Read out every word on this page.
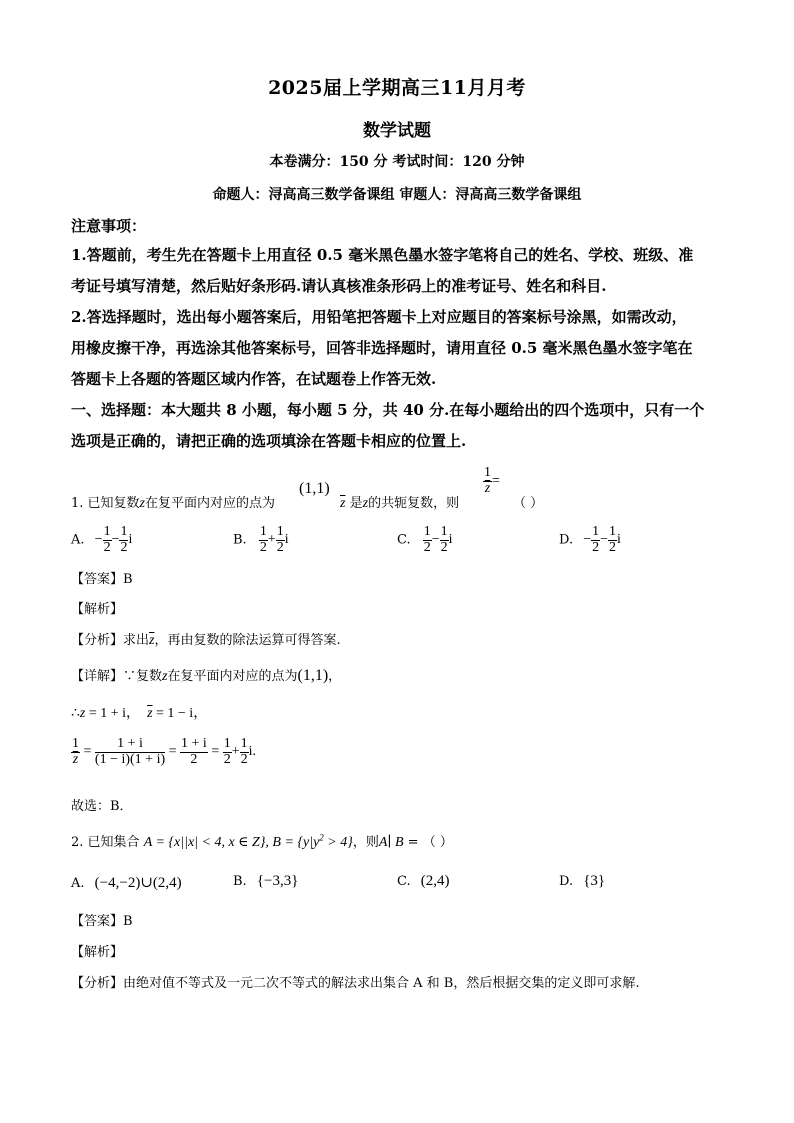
2025届上学期高三11月月考
数学试题
本卷满分：150 分 考试时间：120 分钟
命题人：浔高高三数学备课组 审题人：浔高高三数学备课组
注意事项：
1.答题前，考生先在答题卡上用直径 0.5 毫米黑色墨水签字笔将自己的姓名、学校、班级、准
考证号填写清楚，然后贴好条形码.请认真核准条形码上的准考证号、姓名和科目.
2.答选择题时，选出每小题答案后，用铅笔把答题卡上对应题目的答案标号涂黑，如需改动，
用橡皮擦干净，再选涂其他答案标号，回答非选择题时，请用直径 0.5 毫米黑色墨水签字笔在
答题卡上各题的答题区域内作答，在试题卷上作答无效.
一、选择题：本大题共 8 小题，每小题 5 分，共 40 分.在每小题给出的四个选项中，只有一个
选项是正确的，请把正确的选项填涂在答题卡相应的位置上.
1. 已知复数z在复平面内对应的点为
(1,1)
$\overline{z}$ 是z的共轭复数，则
$\frac{1}{z}$ =
（ ）
A. − $\frac{1}{2} - \frac{1}{2}$ i	B. $\frac{1}{2} + \frac{1}{2}$ i	C. $\frac{1}{2} - \frac{1}{2}$ i	D. − $\frac{1}{2} - \frac{1}{2}$ i
【答案】B
【解析】
【分析】求出$\overline{z}$，再由复数的除法运算可得答案.
【详解】∵复数z在复平面内对应的点为(1,1)，
∴z = 1 + i， $\overline{z} = 1 - i$，
$\frac{1}{z} = \frac{1 + i}{(1 - i)(1 + i)} = \frac{1 + i}{2} = \frac{1}{2} + \frac{1}{2} i$.
故选：B．
2. 已知集合 A = {x||x| < 4, x ∈ Z}, $B = \{y|y^2 > 4\}$，则A∣ B = （ ）
A. (−4,−2)∪(2,4)	B. {−3,3}	C. (2,4)	D. {3}
【答案】B
【解析】
【分析】由绝对值不等式及一元二次不等式的解法求出集合 A 和 B，然后根据交集的定义即可求解.
